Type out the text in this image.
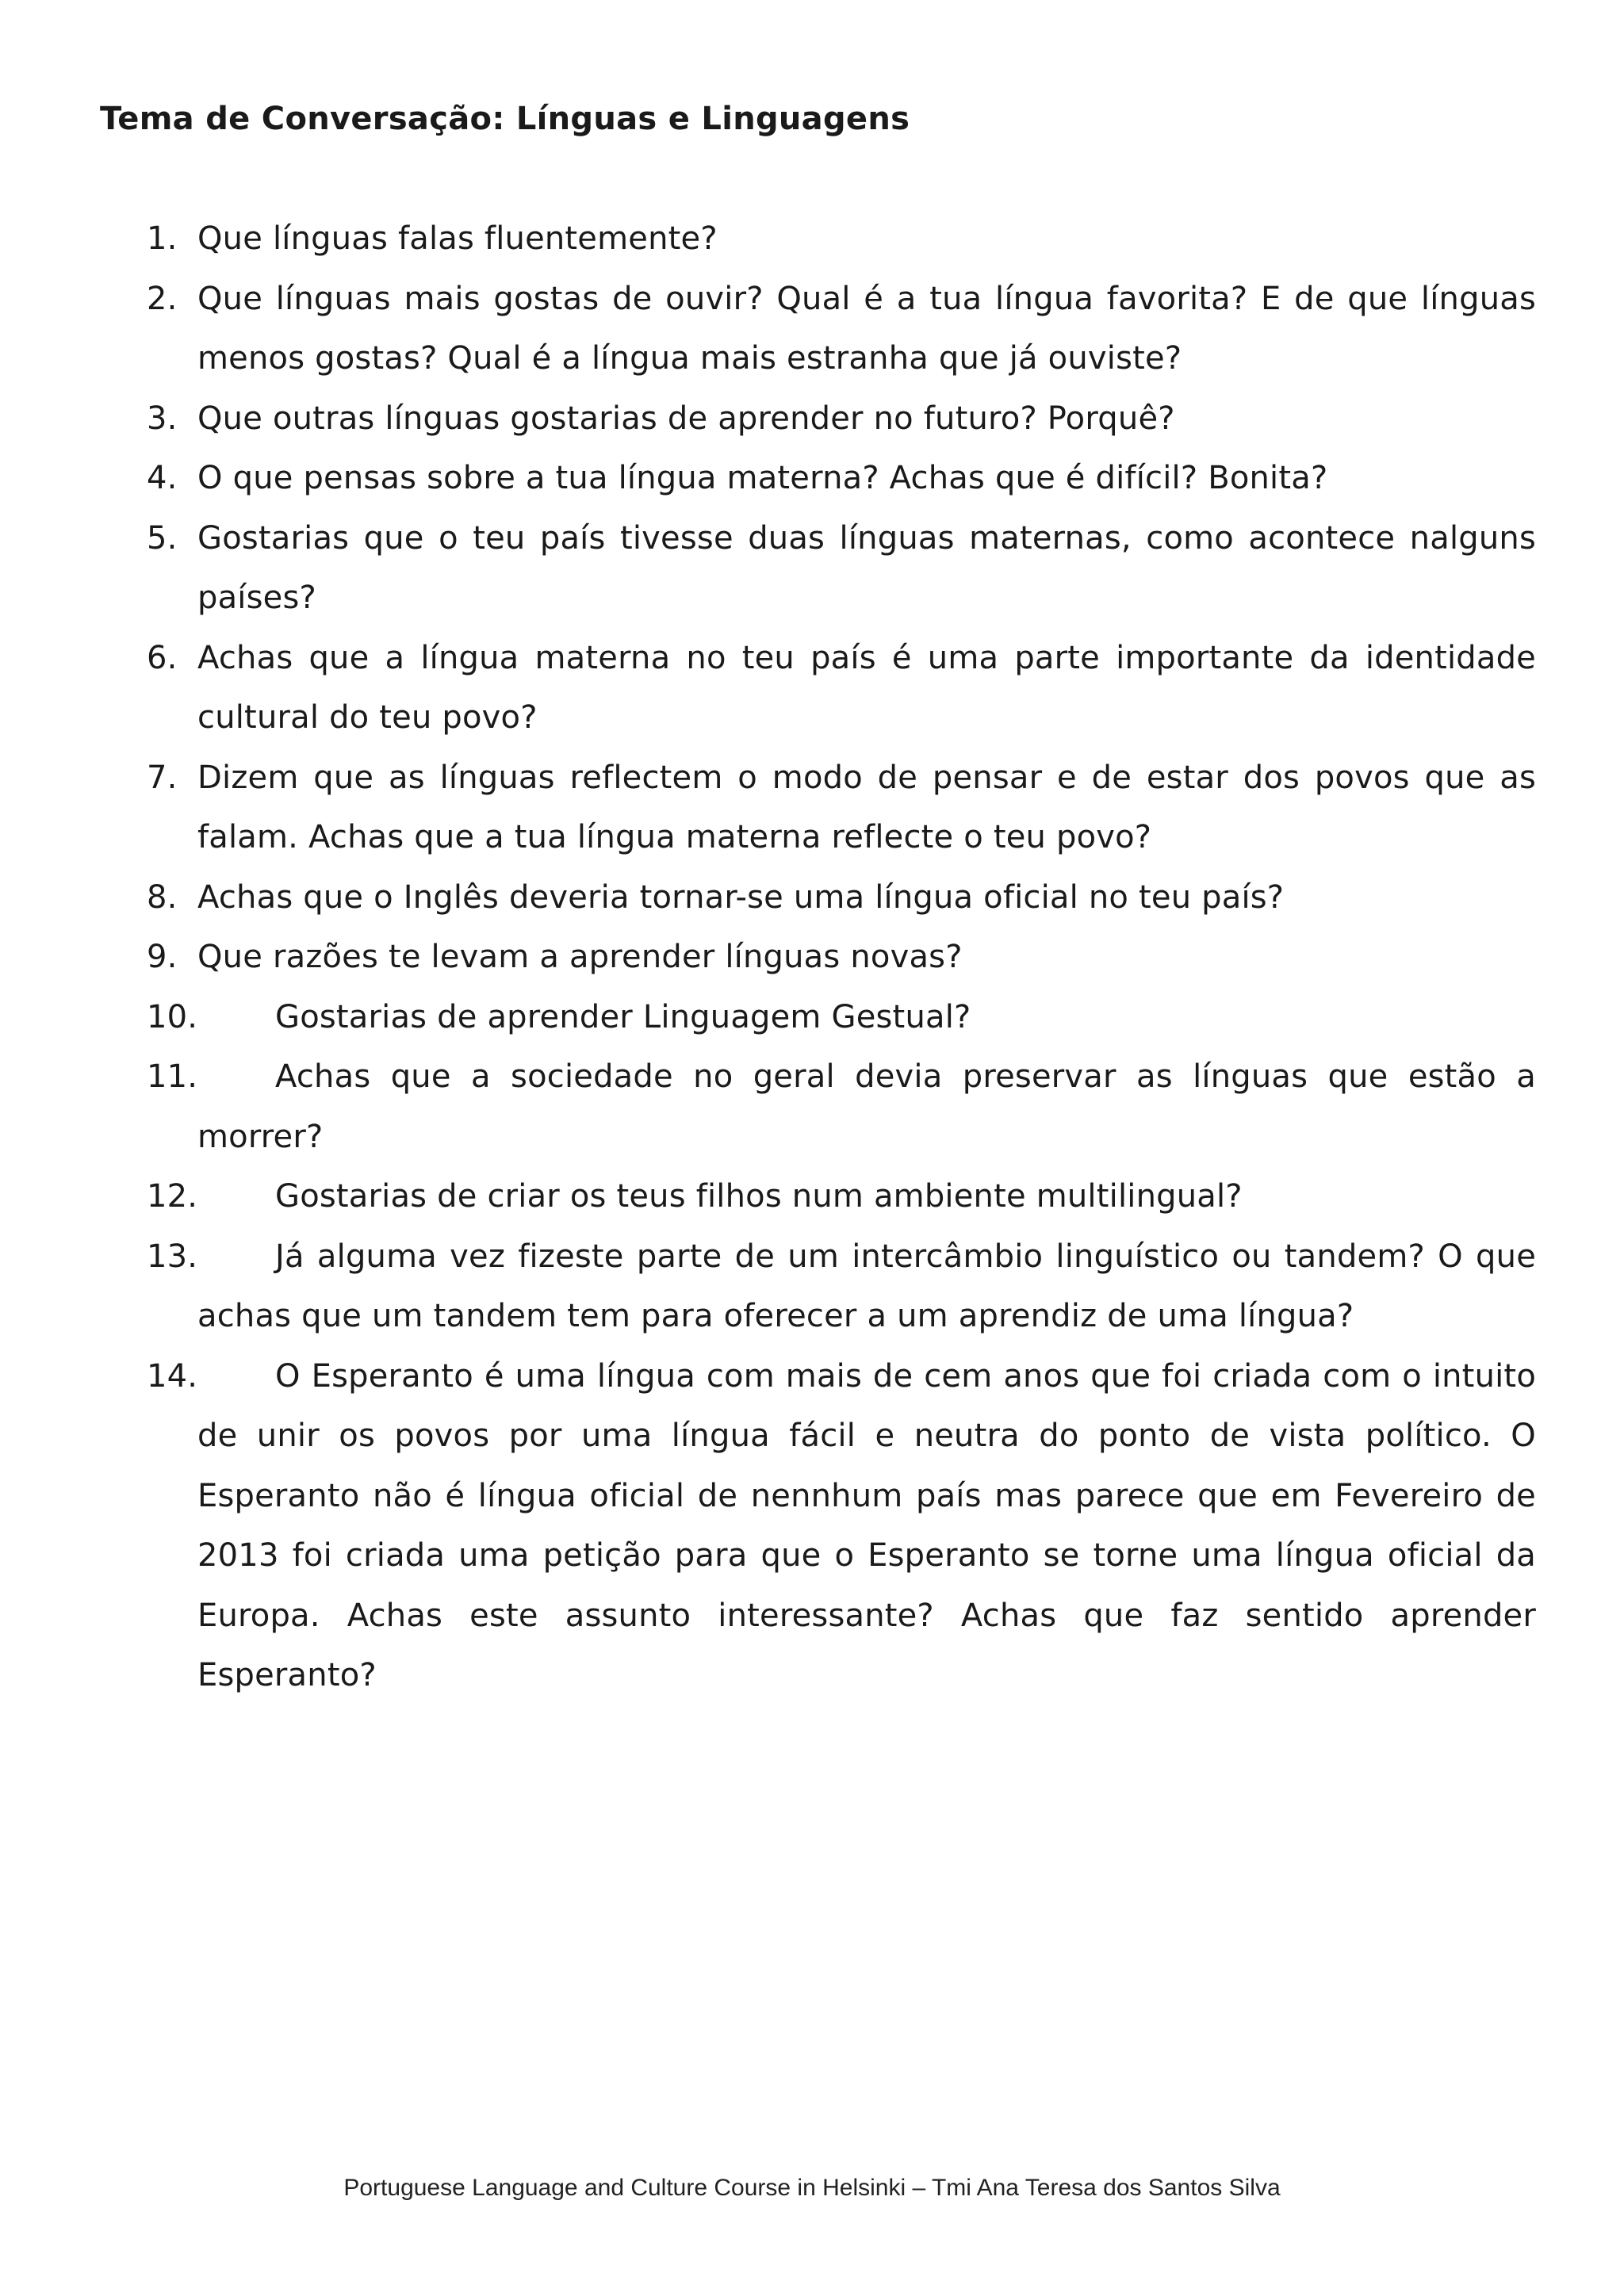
Tema de Conversação: Línguas e Linguagens
1. Que línguas falas fluentemente?
2. Que línguas mais gostas de ouvir? Qual é a tua língua favorita? E de que línguas menos gostas? Qual é a língua mais estranha que já ouviste?
3. Que outras línguas gostarias de aprender no futuro? Porquê?
4. O que pensas sobre a tua língua materna? Achas que é difícil? Bonita?
5. Gostarias que o teu país tivesse duas línguas maternas, como acontece nalguns países?
6. Achas que a língua materna no teu país é uma parte importante da identidade cultural do teu povo?
7. Dizem que as línguas reflectem o modo de pensar e de estar dos povos que as falam. Achas que a tua língua materna reflecte o teu povo?
8. Achas que o Inglês deveria tornar-se uma língua oficial no teu país?
9. Que razões te levam a aprender línguas novas?
10. Gostarias de aprender Linguagem Gestual?
11. Achas que a sociedade no geral devia preservar as línguas que estão a morrer?
12. Gostarias de criar os teus filhos num ambiente multilingual?
13. Já alguma vez fizeste parte de um intercâmbio linguístico ou tandem? O que achas que um tandem tem para oferecer a um aprendiz de uma língua?
14. O Esperanto é uma língua com mais de cem anos que foi criada com o intuito de unir os povos por uma língua fácil e neutra do ponto de vista político. O Esperanto não é língua oficial de nennhum país mas parece que em Fevereiro de 2013 foi criada uma petição para que o Esperanto se torne uma língua oficial da Europa. Achas este assunto interessante? Achas que faz sentido aprender Esperanto?
Portuguese Language and Culture Course in Helsinki – Tmi Ana Teresa dos Santos Silva
